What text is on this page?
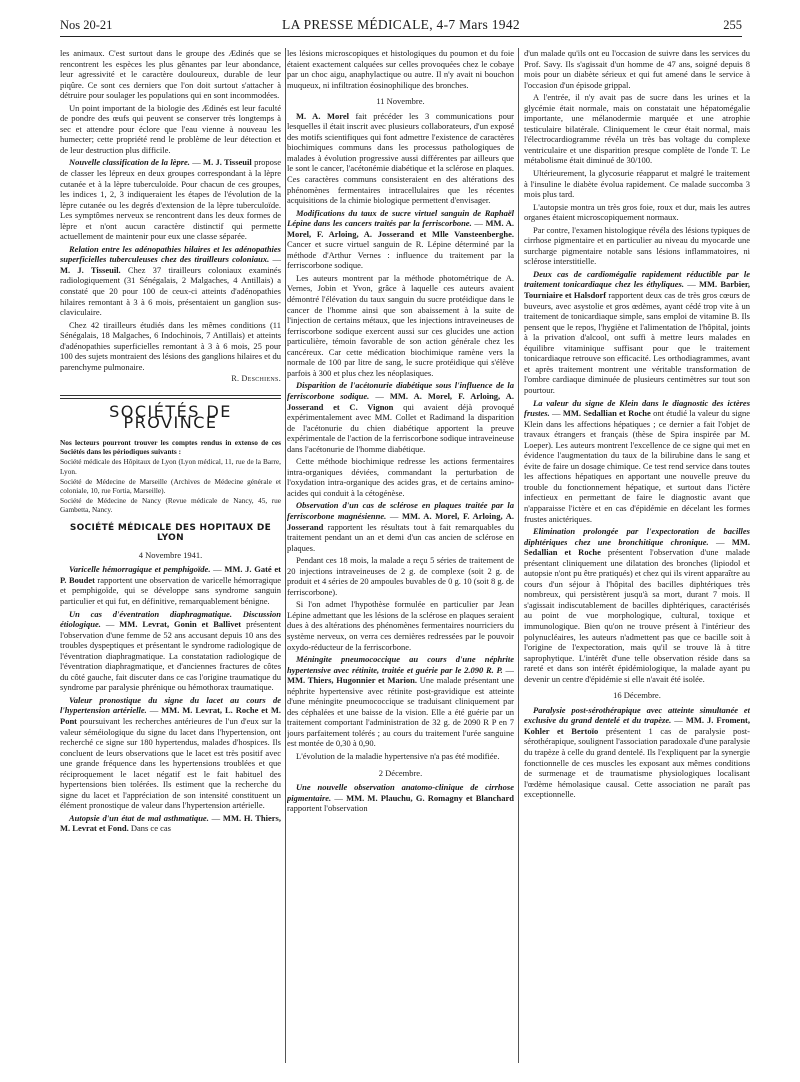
Nos 20-21	LA PRESSE MÉDICALE, 4-7 Mars 1942	255

les animaux. C'est surtout dans le groupe des Ædinés que se rencontrent les espèces les plus gênantes par leur abondance, leur agressivité et le caractère douloureux, durable de leur piqûre. Ce sont ces derniers que l'on doit surtout s'attacher à détruire pour soulager les populations qui en sont incommodées.

Un point important de la biologie des Ædinés est leur faculté de pondre des œufs qui peuvent se conserver très longtemps à sec et attendre pour éclore que l'eau vienne à nouveau les humecter; cette propriété rend le problème de leur détection et de leur destruction plus difficile.

Nouvelle classification de la lèpre. — M. J. Tisseuil propose de classer les lépreux en deux groupes correspondant à la lèpre cutanée et à la lèpre tuberculoïde. Pour chacun de ces groupes, les indices 1, 2, 3 indiqueraient les étapes de l'évolution de la lèpre cutanée ou les degrés d'extension de la lèpre tuberculoïde. Les symptômes nerveux se rencontrent dans les deux formes de lèpre et n'ont aucun caractère distinctif qui permette actuellement de maintenir pour eux une classe séparée.

Relation entre les adénopathies hilaires et les adénopathies superficielles tuberculeuses chez des tirailleurs coloniaux. — M. J. Tisseuil. Chez 37 tirailleurs coloniaux examinés radiologiquement (31 Sénégalais, 2 Malgaches, 4 Antillais) a constaté que 20 pour 100 de ceux-ci atteints d'adénopathies hilaires remontant à 3 à 6 mois, présentaient un ganglion sus-claviculaire.

Chez 42 tirailleurs étudiés dans les mêmes conditions (11 Sénégalais, 18 Malgaches, 6 Indochinois, 7 Antillais) et atteints d'adénopathies superficielles remontant à 3 à 6 mois, 25 pour 100 des sujets montraient des lésions des ganglions hilaires et du parenchyme pulmonaire.

R. Deschiens.
SOCIÉTÉS DE PROVINCE

Nos lecteurs pourront trouver les comptes rendus in extenso de ces Sociétés dans les périodiques suivants :

Société médicale des Hôpitaux de Lyon (Lyon médical, 11, rue de la Barre, Lyon.

Société de Médecine de Marseille (Archives de Médecine générale et coloniale, 10, rue Fortia, Marseille).

Société de Médecine de Nancy (Revue médicale de Nancy, 45, rue Gambetta, Nancy.

SOCIÉTÉ MÉDICALE DES HOPITAUX DE LYON
4 Novembre 1941.

Varicelle hémorragique et pemphigoïde. — MM. J. Gaté et P. Boudet rapportent une observation de varicelle hémorragique et pemphigoïde, qui se développe sans syndrome sanguin particulier et qui fut, en définitive, remarquablement bénigne.

Un cas d'éventration diaphragmatique. Discussion étiologique. — MM. Levrat, Gonin et Ballivet présentent l'observation d'une femme de 52 ans accusant depuis 10 ans des troubles dyspeptiques et présentant le syndrome radiologique de l'éventration diaphragmatique. La constatation radiologique de l'éventration diaphragmatique, et d'anciennes fractures de côtes du côté gauche, fait discuter dans ce cas l'origine traumatique du syndrome par paralysie phrénique ou hémothorax traumatique.

Valeur pronostique du signe du lacet au cours de l'hypertension artérielle. — MM. M. Levrat, L. Roche et M. Pont poursuivant les recherches antérieures de l'un d'eux sur la valeur séméiologique du signe du lacet dans l'hypertension, ont recherché ce signe sur 180 hypertendus, malades d'hospices. Ils concluent de leurs observations que le lacet est très positif avec une grande fréquence dans les hypertensions troublées et que réciproquement le lacet négatif est le fait habituel des hypertensions bien tolérées. Ils estiment que la recherche du signe du lacet et l'appréciation de son intensité constituent un élément pronostique de valeur dans l'hypertension artérielle.

Autopsie d'un état de mal asthmatique. — MM. H. Thiers, M. Levrat et Fond. Dans ce cas

les lésions microscopiques et histologiques du poumon et du foie étaient exactement calquées sur celles provoquées chez le cobaye par un choc aigu, anaphylactique ou autre. Il n'y avait ni bouchon muqueux, ni infiltration éosinophilique des bronches.

11 Novembre.

M. A. Morel fait précéder les 3 communications pour lesquelles il était inscrit avec plusieurs collaborateurs, d'un exposé des motifs scientifiques qui font admettre l'existence de caractères biochimiques communs dans les processus pathologiques de malades à évolution progressive aussi différentes par ailleurs que le sont le cancer, l'acétonémie diabétique et la sclérose en plaques. Ces caractères communs consisteraient en des altérations des phénomènes fermentaires intracellulaires que les récentes acquisitions de la chimie biologique permettent d'envisager.

Modifications du taux de sucre virtuel sanguin de Raphaël Lépine dans les cancers traités par la ferriscorbone. — MM. A. Morel, F. Arloing, A. Josserand et Mlle Vansteenberghe. Cancer et sucre virtuel sanguin de R. Lépine déterminé par la méthode d'Arthur Vernes : influence du traitement par la ferriscorbone sodique.

Les auteurs montrent par la méthode photométrique de A. Vernes, Jobin et Yvon, grâce à laquelle ces auteurs avaient démontré l'élévation du taux sanguin du sucre protéidique dans le cancer de l'homme ainsi que son abaissement à la suite de l'injection de certains métaux, que les injections intraveineuses de ferriscorbone sodique exercent aussi sur ces glucides une action particulière, témoin favorable de son action générale chez les cancéreux. Car cette médication biochimique ramène vers la normale de 100 par litre de sang, le sucre protéidique qui s'élève parfois à 300 et plus chez les néoplasiques.

Disparition de l'acétonurie diabétique sous l'influence de la ferriscorbone sodique. — MM. A. Morel, F. Arloing, A. Josserand et C. Vignon qui avaient déjà provoqué expérimentalement avec MM. Collet et Radimand la disparition de l'acétonurie du chien diabétique apportent la preuve expérimentale de l'action de la ferriscorbone sodique intraveineuse dans l'acétonurie de l'homme diabétique.

Cette méthode biochimique redresse les actions fermentaires intra-organiques déviées, commandant la perturbation de l'oxydation intra-organique des acides gras, et de certains amino-acides qui conduit à la cétogénèse.

Observation d'un cas de sclérose en plaques traitée par la ferriscorbone magnésienne. — MM. A. Morel, F. Arloing, A. Josserand rapportent les résultats tout à fait remarquables du traitement pendant un an et demi d'un cas ancien de sclérose en plaques.

Pendant ces 18 mois, la malade a reçu 5 séries de traitement de 20 injections intraveineuses de 2 g. de complexe (soit 2 g. de produit et 4 séries de 20 ampoules buvables de 0 g. 10 (soit 8 g. de ferriscorbone).

Si l'on admet l'hypothèse formulée en particulier par Jean Lépine admettant que les lésions de la sclérose en plaques seraient dues à des altérations des phénomènes fermentaires nourriciers du système nerveux, on verra ces dernières redressées par le pouvoir oxydo-réducteur de la ferriscorbone.

Méningite pneumococcique au cours d'une néphrite hypertensive avec rétinite, traitée et guérie par le 2.090 R. P. — MM. Thiers, Hugonnier et Marion. Une malade présentant une néphrite hypertensive avec rétinite post-gravidique est atteinte d'une méningite pneumococcique se traduisant cliniquement par des céphalées et une baisse de la vision. Elle a été guérie par un traitement comportant l'administration de 32 g. de 2090 R P en 7 jours parfaitement tolérés ; au cours du traitement l'urée sanguine est montée de 0,30 à 0,90.

L'évolution de la maladie hypertensive n'a pas été modifiée.

2 Décembre.

Une nouvelle observation anatomo-clinique de cirrhose pigmentaire. — MM. M. Plauchu, G. Romagny et Blanchard rapportent l'observation

d'un malade qu'ils ont eu l'occasion de suivre dans les services du Prof. Savy. Ils s'agissait d'un homme de 47 ans, soigné depuis 8 mois pour un diabète sérieux et qui fut amené dans le service à l'occasion d'un épisode grippal.

A l'entrée, il n'y avait pas de sucre dans les urines et la glycémie était normale, mais on constatait une hépatomégalie importante, une mélanodermie marquée et une atrophie testiculaire bilatérale. Cliniquement le cœur était normal, mais l'électrocardiogramme révéla un très bas voltage du complexe ventriculaire et une disparition presque complète de l'onde T. Le métabolisme était diminué de 30/100.

Ultérieurement, la glycosurie réapparut et malgré le traitement à l'insuline le diabète évolua rapidement. Ce malade succomba 3 mois plus tard.

L'autopsie montra un très gros foie, roux et dur, mais les autres organes étaient microscopiquement normaux.

Par contre, l'examen histologique révéla des lésions typiques de cirrhose pigmentaire et en particulier au niveau du myocarde une surcharge pigmentaire notable sans lésions inflammatoires, ni sclérose interstitielle.

Deux cas de cardiomégalie rapidement réductible par le traitement tonicardiaque chez les éthyliques. — MM. Barbier, Tourniaire et Halsdorf rapportent deux cas de très gros cœurs de buveurs, avec asystolie et gros œdèmes, ayant cédé trop vite à un traitement de tonicardiaque simple, sans emploi de vitamine B. Ils pensent que le repos, l'hygiène et l'alimentation de l'hôpital, joints à la privation d'alcool, ont suffi à mettre leurs malades en équilibre vitaminique suffisant pour que le traitement tonicardiaque retrouve son efficacité. Les orthodiagrammes, avant et après traitement montrent une véritable transformation de l'ombre cardiaque diminuée de plusieurs centimètres sur tout son pourtour.

La valeur du signe de Klein dans le diagnostic des ictères frustes. — MM. Sedallian et Roche ont étudié la valeur du signe Klein dans les affections hépatiques ; ce dernier a fait l'objet de travaux étrangers et français (thèse de Spira inspirée par M. Loeper). Les auteurs montrent l'excellence de ce signe qui met en évidence l'augmentation du taux de la bilirubine dans le sang et évite de faire un dosage chimique. Ce test rend service dans toutes les affections hépatiques en apportant une nouvelle preuve du trouble du fonctionnement hépatique, et surtout dans l'ictère infectieux en permettant de faire le diagnostic avant que n'apparaisse l'ictère et en cas d'épidémie en décelant les formes frustes anictériques.

Elimination prolongée par l'expectoration de bacilles diphtériques chez une bronchitique chronique. — MM. Sedallian et Roche présentent l'observation d'une malade présentant cliniquement une dilatation des bronches (lipiodol et autopsie n'ont pu être pratiqués) et chez qui ils virent apparaître au cours d'un séjour à l'hôpital des bacilles diphtériques très nombreux, qui persistèrent jusqu'à sa mort, durant 7 mois. Il s'agissait indiscutablement de bacilles diphtériques, caractérisés au point de vue morphologique, cultural, toxique et immunologique. Bien qu'on ne trouve présent à l'intérieur des polynucléaires, les auteurs n'admettent pas que ce bacille soit à l'origine de l'expectoration, mais qu'il se trouve là à titre saprophytique. L'intérêt d'une telle observation réside dans sa rareté et dans son intérêt épidémiologique, la malade ayant pu devenir un centre d'épidémie si elle n'avait été isolée.

16 Décembre.

Paralysie post-sérothérapique avec atteinte simultanée et exclusive du grand dentelé et du trapèze. — MM. J. Froment, Kohler et Bertoïo présentent 1 cas de paralysie post-sérothérapique, soulignent l'association paradoxale d'une paralysie du trapèze à celle du grand dentelé. Ils l'expliquent par la synergie fonctionnelle de ces muscles les exposant aux mêmes conditions de surmenage et de traumatisme physiologiques localisant l'œdème hémolasique causal. Cette association ne paraît pas exceptionnelle.
